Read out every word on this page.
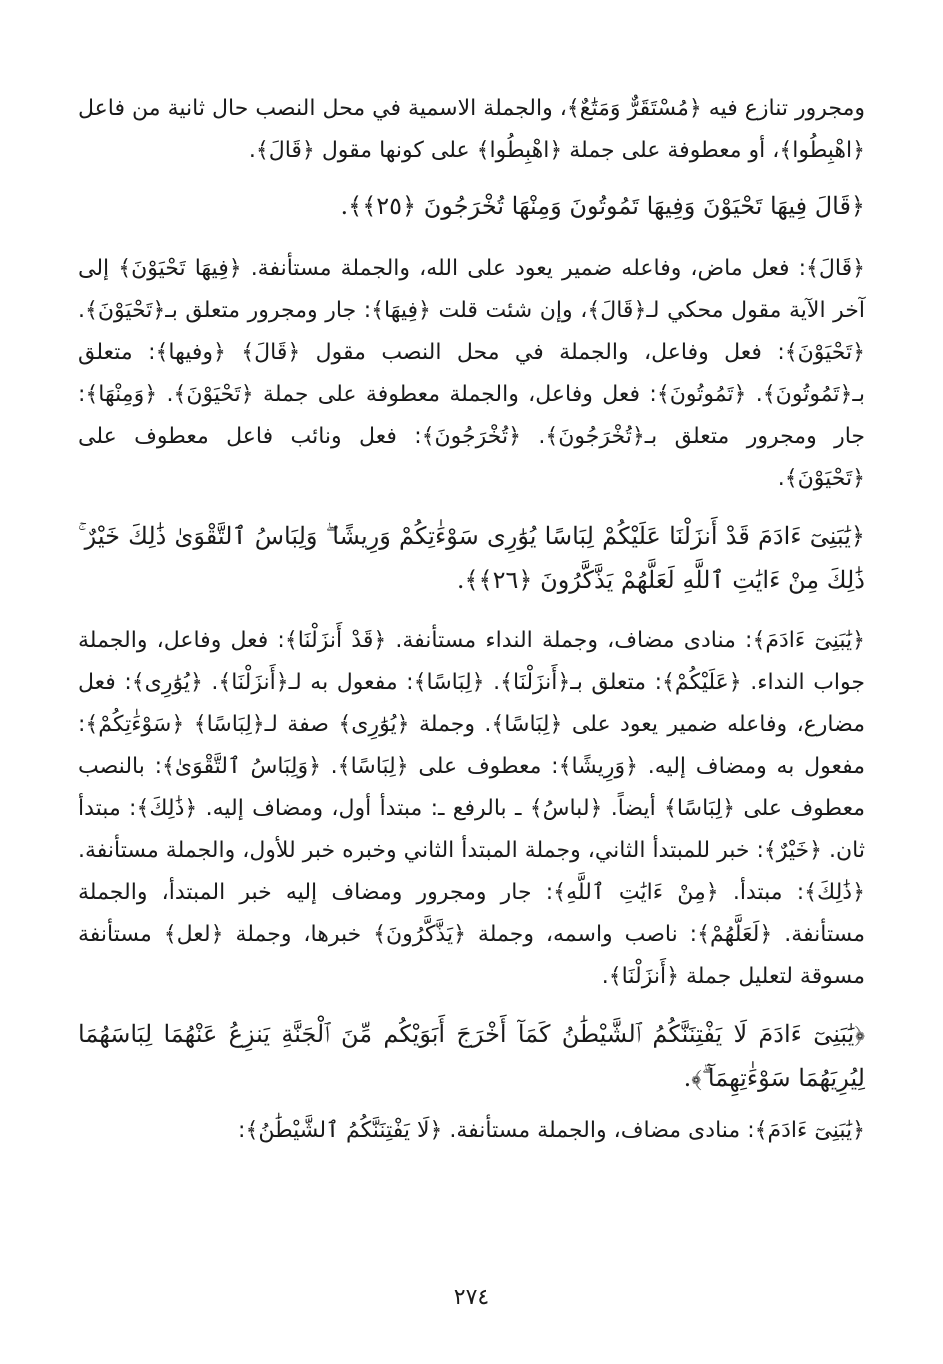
ومجرور تنازع فيه ﴿مُسْتَقَرٌّ وَمَتَٰعٌ﴾، والجملة الاسمية في محل النصب حال ثانية من فاعل ﴿اهْبِطُوا﴾، أو معطوفة على جملة ﴿اهْبِطُوا﴾ على كونها مقول ﴿قَالَ﴾.

﴿قَالَ فِيهَا تَحْيَوْنَ وَفِيهَا تَمُوتُونَ وَمِنْهَا تُخْرَجُونَ ﴿٢٥﴾﴾.

﴿قَالَ﴾: فعل ماض، وفاعله ضمير يعود على الله، والجملة مستأنفة. ﴿فِيهَا تَحْيَوْنَ﴾ إلى آخر الآية مقول محكي لـ﴿قَالَ﴾، وإن شئت قلت ﴿فِيهَا﴾: جار ومجرور متعلق بـ﴿تَحْيَوْنَ﴾. ﴿تَحْيَوْنَ﴾: فعل وفاعل، والجملة في محل النصب مقول ﴿قَالَ﴾ ﴿وفيها﴾: متعلق بـ﴿تَمُوتُونَ﴾. ﴿تَمُوتُونَ﴾: فعل وفاعل، والجملة معطوفة على جملة ﴿تَحْيَوْنَ﴾. ﴿وَمِنْهَا﴾: جار ومجرور متعلق بـ﴿تُخْرَجُونَ﴾. ﴿تُخْرَجُونَ﴾: فعل ونائب فاعل معطوف على ﴿تَحْيَوْنَ﴾.

﴿يَٰبَنِىٓ ءَادَمَ قَدْ أَنزَلْنَا عَلَيْكُمْ لِبَاسًا يُوَٰرِى سَوْءَٰتِكُمْ وَرِيشًا ۖ وَلِبَاسُ ٱلتَّقْوَىٰ ذَٰلِكَ خَيْرٌ ۚ ذَٰلِكَ مِنْ ءَايَٰتِ ٱللَّهِ لَعَلَّهُمْ يَذَّكَّرُونَ ﴿٢٦﴾﴾.

﴿يَٰبَنِىٓ ءَادَمَ﴾: منادى مضاف، وجملة النداء مستأنفة. ﴿قَدْ أَنزَلْنَا﴾: فعل وفاعل، والجملة جواب النداء. ﴿عَلَيْكُمْ﴾: متعلق بـ﴿أَنزَلْنَا﴾. ﴿لِبَاسًا﴾: مفعول به لـ﴿أَنزَلْنَا﴾. ﴿يُوَٰرِى﴾: فعل مضارع، وفاعله ضمير يعود على ﴿لِبَاسًا﴾. وجملة ﴿يُوَٰرِى﴾ صفة لـ﴿لِبَاسًا﴾ ﴿سَوْءَٰتِكُمْ﴾: مفعول به ومضاف إليه. ﴿وَرِيشًا﴾: معطوف على ﴿لِبَاسًا﴾. ﴿وَلِبَاسُ ٱلتَّقْوَىٰ﴾: بالنصب معطوف على ﴿لِبَاسًا﴾ أيضاً. ﴿لباسُ﴾ ـ بالرفع ـ: مبتدأ أول، ومضاف إليه. ﴿ذَٰلِكَ﴾: مبتدأ ثان. ﴿خَيْرٌ﴾: خبر للمبتدأ الثاني، وجملة المبتدأ الثاني وخبره خبر للأول، والجملة مستأنفة. ﴿ذَٰلِكَ﴾: مبتدأ. ﴿مِنْ ءَايَٰتِ ٱللَّهِ﴾: جار ومجرور ومضاف إليه خبر المبتدأ، والجملة مستأنفة. ﴿لَعَلَّهُمْ﴾: ناصب واسمه، وجملة ﴿يَذَّكَّرُونَ﴾ خبرها، وجملة ﴿لعل﴾ مستأنفة مسوقة لتعليل جملة ﴿أَنزَلْنَا﴾.

﴿يَٰبَنِىٓ ءَادَمَ لَا يَفْتِنَنَّكُمُ ٱلشَّيْطَٰنُ كَمَآ أَخْرَجَ أَبَوَيْكُم مِّنَ ٱلْجَنَّةِ يَنزِعُ عَنْهُمَا لِبَاسَهُمَا لِيُرِيَهُمَا سَوْءَٰتِهِمَآ ۗ﴾.

﴿يَٰبَنِىٓ ءَادَمَ﴾: منادى مضاف، والجملة مستأنفة. ﴿لَا يَفْتِنَنَّكُمُ ٱلشَّيْطَٰنُ﴾:

٢٧٤
